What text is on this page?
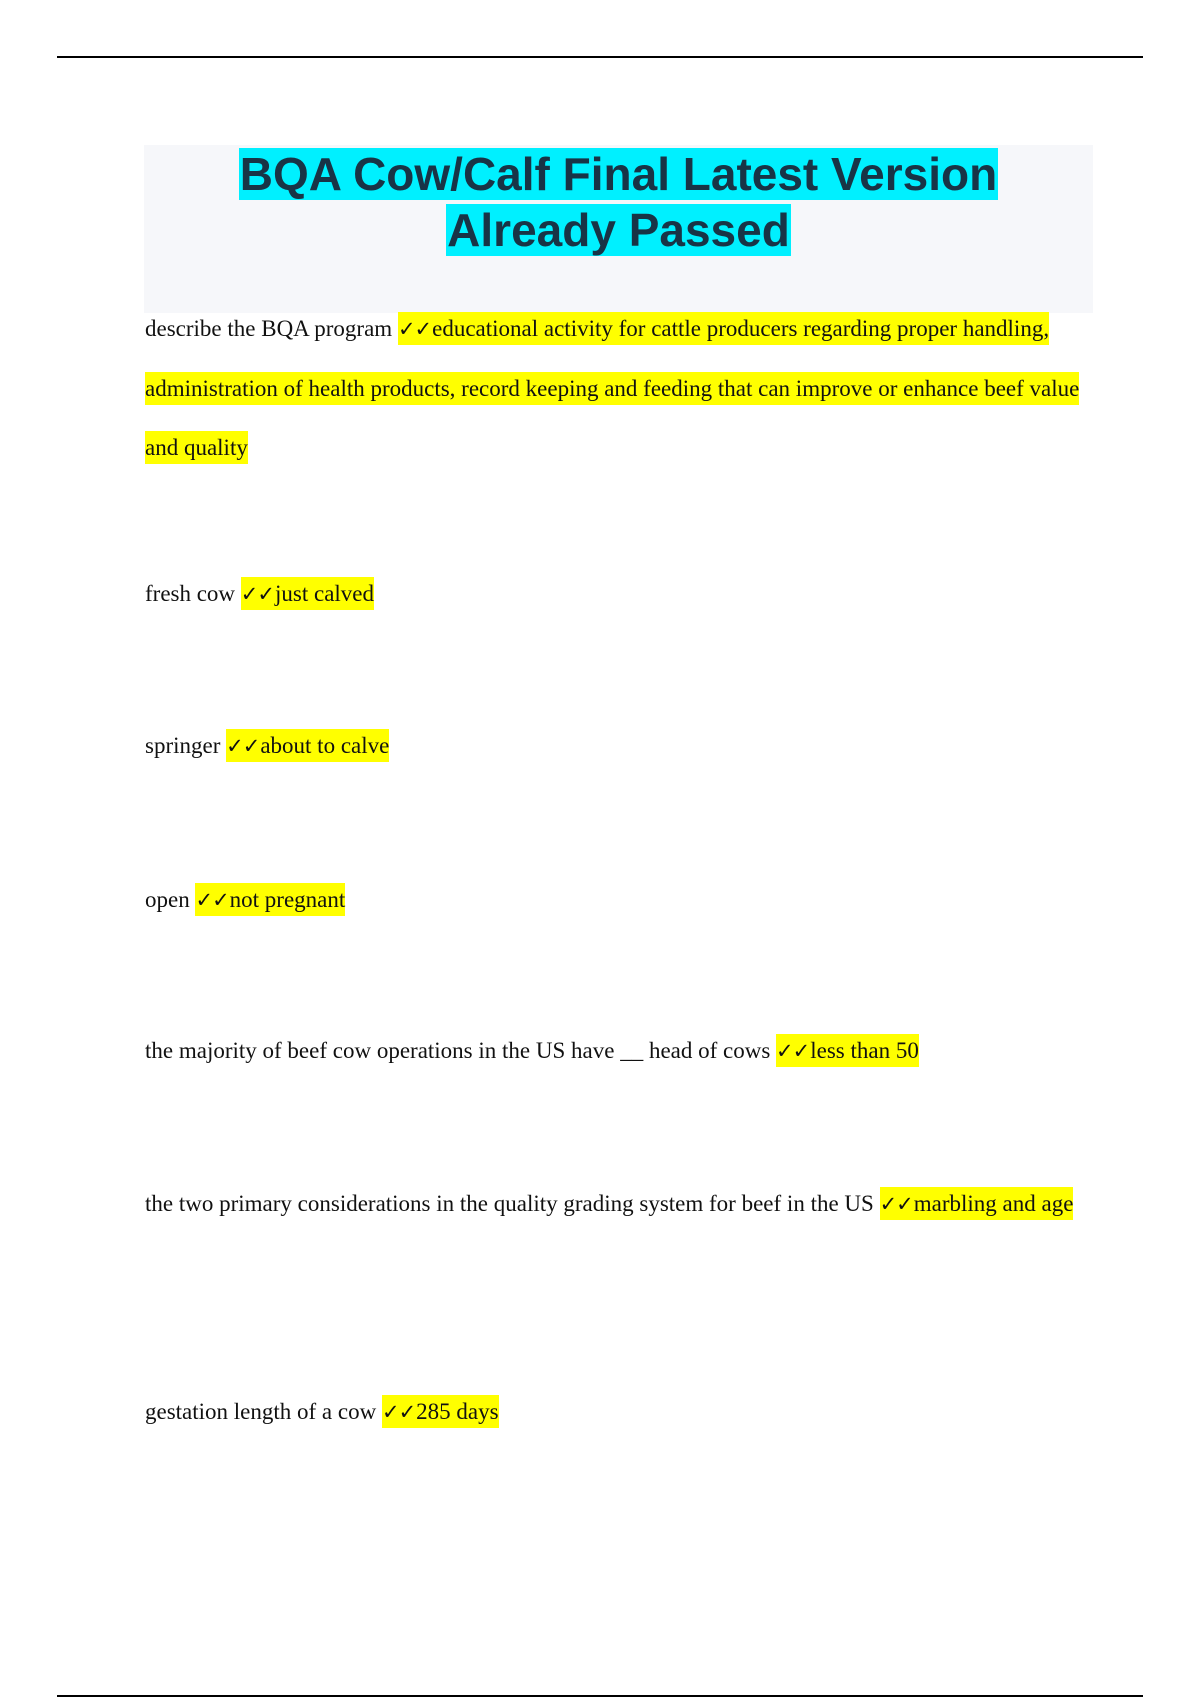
BQA Cow/Calf Final Latest Version
Already Passed

describe the BQA program ✓✓educational activity for cattle producers regarding proper handling, administration of health products, record keeping and feeding that can improve or enhance beef value and quality

fresh cow ✓✓just calved

springer ✓✓about to calve

open ✓✓not pregnant

the majority of beef cow operations in the US have __ head of cows ✓✓less than 50

the two primary considerations in the quality grading system for beef in the US ✓✓marbling and age

gestation length of a cow ✓✓285 days
